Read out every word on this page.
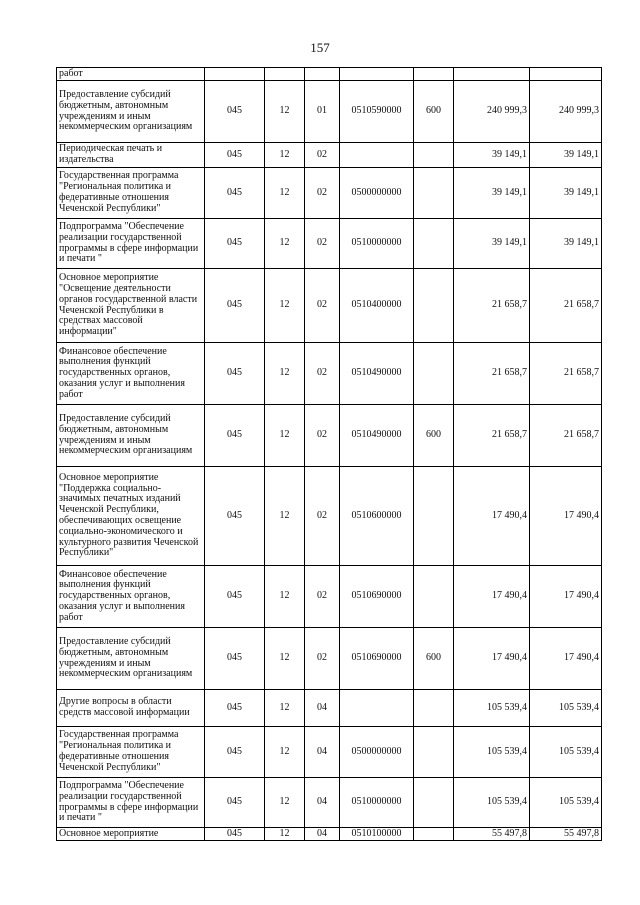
157
работ							
Предоставление субсидий бюджетным, автономным учреждениям и иным некоммерческим организациям	045	12	01	0510590000	600	240 999,3	240 999,3
Периодическая печать и издательства	045	12	02			39 149,1	39 149,1
Государственная программа "Региональная политика и федеративные отношения Чеченской Республики"	045	12	02	0500000000		39 149,1	39 149,1
Подпрограмма "Обеспечение реализации государственной программы в сфере информации и печати "	045	12	02	0510000000		39 149,1	39 149,1
Основное мероприятие "Освещение деятельности органов государственной власти Чеченской Республики в средствах массовой информации"	045	12	02	0510400000		21 658,7	21 658,7
Финансовое обеспечение выполнения функций государственных органов, оказания услуг и выполнения работ	045	12	02	0510490000		21 658,7	21 658,7
Предоставление субсидий бюджетным, автономным учреждениям и иным некоммерческим организациям	045	12	02	0510490000	600	21 658,7	21 658,7
Основное мероприятие "Поддержка социально-значимых печатных изданий Чеченской Республики, обеспечивающих освещение социально-экономического и культурного развития Чеченской Республики"	045	12	02	0510600000		17 490,4	17 490,4
Финансовое обеспечение выполнения функций государственных органов, оказания услуг и выполнения работ	045	12	02	0510690000		17 490,4	17 490,4
Предоставление субсидий бюджетным, автономным учреждениям и иным некоммерческим организациям	045	12	02	0510690000	600	17 490,4	17 490,4
Другие вопросы в области средств массовой информации	045	12	04			105 539,4	105 539,4
Государственная программа "Региональная политика и федеративные отношения Чеченской Республики"	045	12	04	0500000000		105 539,4	105 539,4
Подпрограмма "Обеспечение реализации государственной программы в сфере информации и печати "	045	12	04	0510000000		105 539,4	105 539,4
Основное мероприятие	045	12	04	0510100000		55 497,8	55 497,8
